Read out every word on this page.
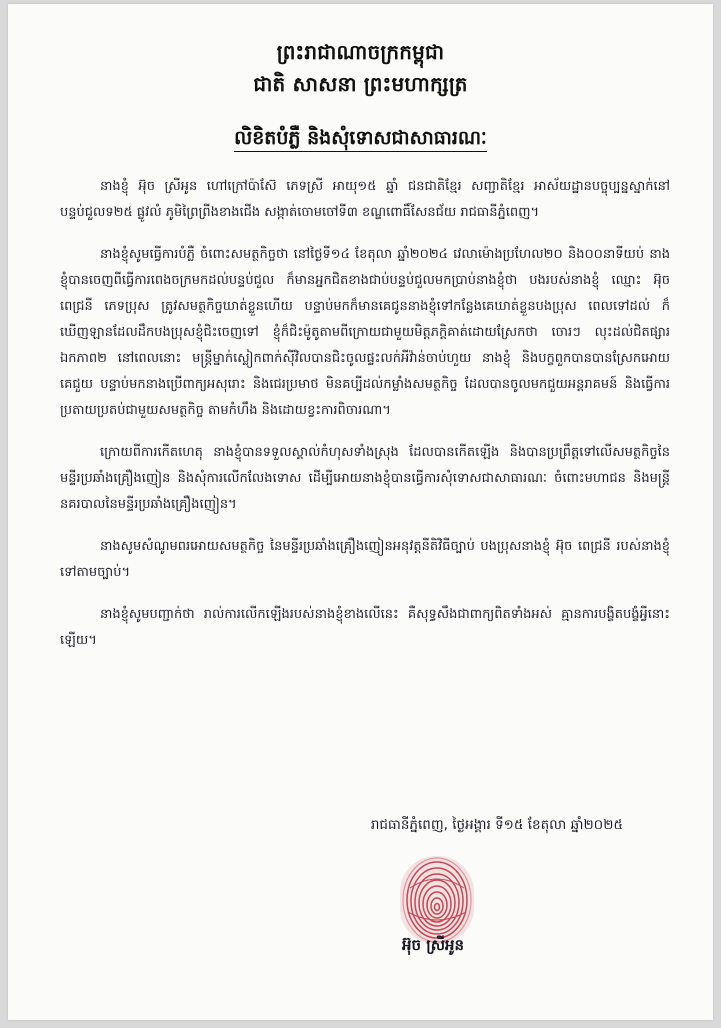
ព្រះរាជាណាចក្រកម្ពុជា
ជាតិ សាសនា ព្រះមហាក្សត្រ
លិខិតបំភ្លឺ និងសុំទោសជាសាធារណៈ

នាងខ្ញុំ អ៊ុច ស្រីអូន ហៅក្រៅប៉ាស៊ែ ភេទស្រី អាយុ១៥ ឆ្នាំ ជនជាតិខ្មែរ សញ្ជាតិខ្មែរ អាស័យដ្ឋានបច្ចុប្បន្នស្នាក់នៅបន្ទប់ជួលទ២៥ ផ្លូវលំ ភូមិព្រៃព្រីងខាងជើង សង្កាត់ចោមចៅទី៣ ខណ្ឌពោធិ៍សែនជ័យ រាជធានីភ្នំពេញ។

នាងខ្ញុំសូមធ្វើការបំភ្លឺ ចំពោះសមត្ថកិច្ចថា នៅថ្ងៃទី១៤ ខែតុលា ឆ្នាំ២០២៤ វេលាម៉ោងប្រហែល២០ និង០០នាទីយប់ នាងខ្ញុំបានចេញពីធ្វើការពេងចក្រមកដល់បន្ទប់ជួល ក៏មានអ្នកជិតខាងជាប់បន្ទប់ជួលមកប្រាប់នាងខ្ញុំថា បងរបស់នាងខ្ញុំ ឈ្មោះ អ៊ុច ពេជ្រនី ភេទប្រុស ត្រូវសមត្ថកិច្ចឃាត់ខ្លួនហើយ បន្ទាប់មកក៏មានគេជូននាងខ្ញុំទៅកន្លែងគេឃាត់ខ្លួនបងប្រុស ពេលទៅដល់ ក៏ឃើញឡានដែលដឹកបងប្រុសខ្ញុំជិះចេញទៅ ខ្ញុំក៏ជិះម៉ូតូតាមពីក្រោយជាមួយមិត្តភក្តិគាត់ដោយស្រែកថា ចោរៗ លុះដល់ជិតផ្សារឯកភាព២ នៅពេលនោះ មន្ត្រីម្នាក់ស្លៀកពាក់ស៊ីវិលបានជិះចូលផ្ទះលក់អីវ៉ាន់ចាប់ហួយ នាងខ្ញុំ និងបក្ខពួកបានបានស្រែកអោយគេជួយ បន្ទាប់មកនាងប្រើពាក្យអសុរោះ និងជេរប្រមាថ មិនគប្បីដល់កម្លាំងសមត្ថកិច្ច ដែលបានចូលមកជួយអន្តរាគមន៍ និងធ្វើការប្រតាយប្រតប់ជាមួយសមត្ថកិច្ច តាមកំហឹង និងដោយខ្វះការពិចារណា។

ក្រោយពីការកើតហេតុ នាងខ្ញុំបានទទួលស្គាល់កំហុសទាំងស្រុង ដែលបានកើតឡើង និងបានប្រព្រឹត្តទៅលើសមត្ថកិច្ចនៃមន្ទីរប្រឆាំងគ្រឿងញៀន និងសុំការលើកលែងទោស ដើម្បីអោយនាងខ្ញុំបានធ្វើការសុំទោសជាសាធារណៈ ចំពោះមហាជន និងមន្ត្រីនគរបាលនៃមន្ទីរប្រឆាំងគ្រឿងញៀន។

នាងសូមសំណូមពរអោយសមត្ថកិច្ច នៃមន្ទីរប្រឆាំងគ្រឿងញៀនអនុវត្តនីតិវិធីច្បាប់ បងប្រុសនាងខ្ញុំ អ៊ុច ពេជ្រនី របស់នាងខ្ញុំទៅតាមច្បាប់។

នាងខ្ញុំសូមបញ្ជាក់ថា រាល់ការលើកឡើងរបស់នាងខ្ញុំខាងលើនេះ គឺសុទ្ធសឹងជាពាក្យពិតទាំងអស់ គ្មានការបង្ខិតបង្ខំអ្វីនោះឡើយ។

រាជធានីភ្នំពេញ, ថ្ងៃអង្គារ ទី១៥ ខែតុលា ឆ្នាំ២០២៥
អ៊ុច ស្រីអូន
